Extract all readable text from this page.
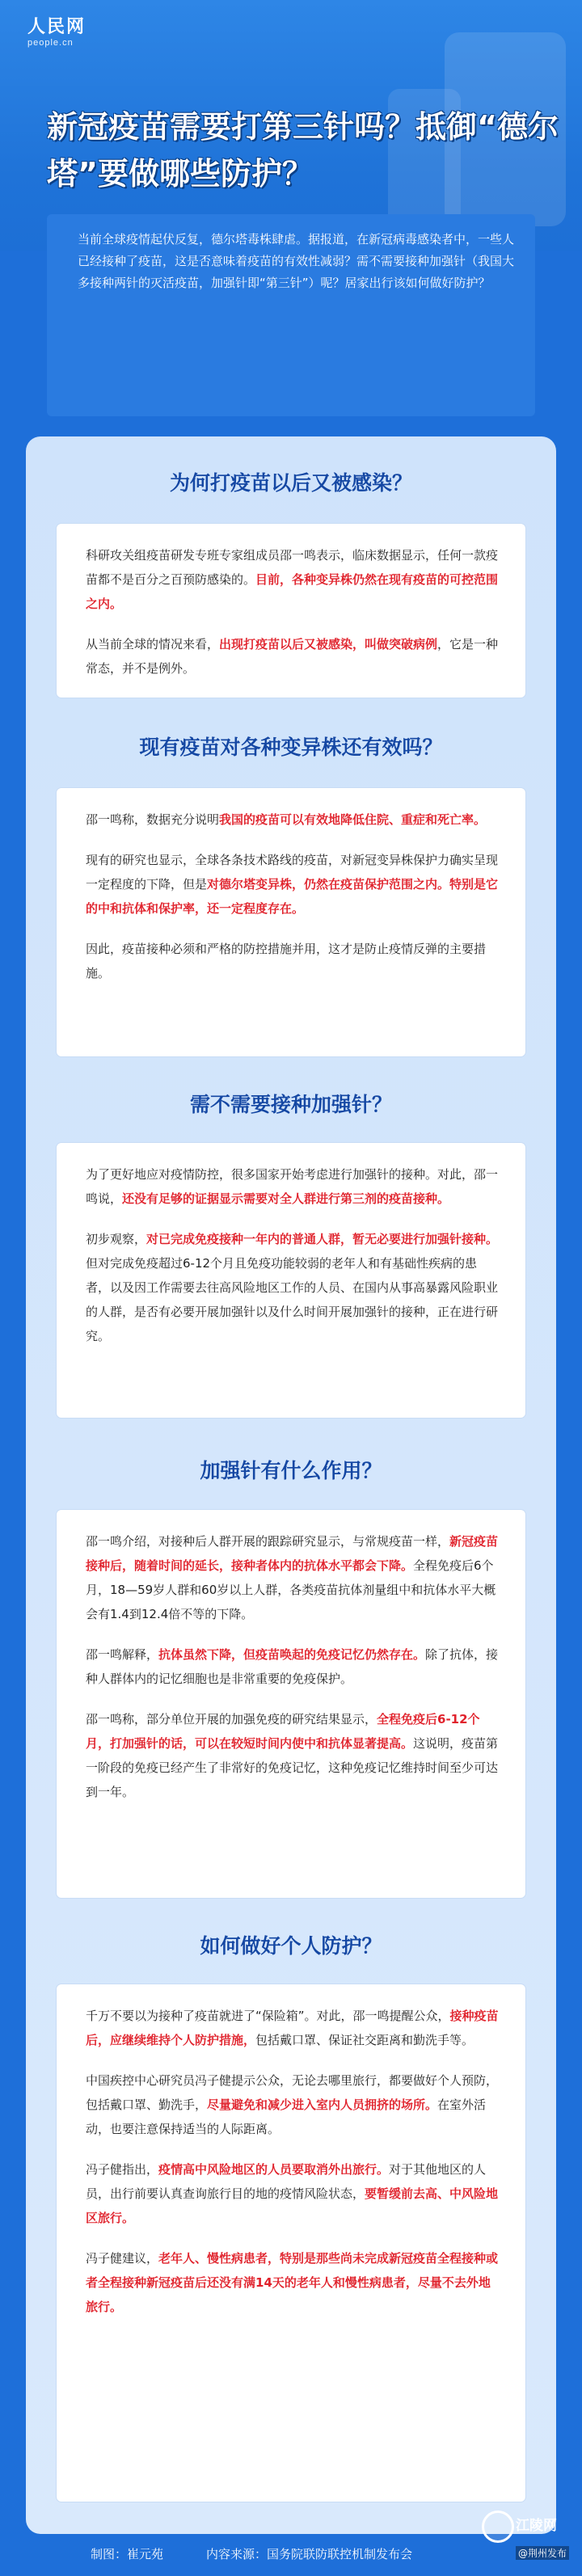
人民网
people.cn
新冠疫苗需要打第三针吗？抵御“德尔塔”要做哪些防护？
当前全球疫情起伏反复，德尔塔毒株肆虐。据报道，在新冠病毒感染者中，一些人已经接种了疫苗，这是否意味着疫苗的有效性减弱？需不需要接种加强针（我国大多接种两针的灭活疫苗，加强针即“第三针”）呢？居家出行该如何做好防护？
为何打疫苗以后又被感染？

科研攻关组疫苗研发专班专家组成员邵一鸣表示，临床数据显示，任何一款疫苗都不是百分之百预防感染的。目前，各种变异株仍然在现有疫苗的可控范围之内。

从当前全球的情况来看，出现打疫苗以后又被感染，叫做突破病例，它是一种常态，并不是例外。

现有疫苗对各种变异株还有效吗？

邵一鸣称，数据充分说明我国的疫苗可以有效地降低住院、重症和死亡率。

现有的研究也显示，全球各条技术路线的疫苗，对新冠变异株保护力确实呈现一定程度的下降，但是对德尔塔变异株，仍然在疫苗保护范围之内。特别是它的中和抗体和保护率，还一定程度存在。

因此，疫苗接种必须和严格的防控措施并用，这才是防止疫情反弹的主要措施。

需不需要接种加强针？

为了更好地应对疫情防控，很多国家开始考虑进行加强针的接种。对此，邵一鸣说，还没有足够的证据显示需要对全人群进行第三剂的疫苗接种。

初步观察，对已完成免疫接种一年内的普通人群，暂无必要进行加强针接种。但对完成免疫超过6-12个月且免疫功能较弱的老年人和有基础性疾病的患者，以及因工作需要去往高风险地区工作的人员、在国内从事高暴露风险职业的人群，是否有必要开展加强针以及什么时间开展加强针的接种，正在进行研究。

加强针有什么作用？

邵一鸣介绍，对接种后人群开展的跟踪研究显示，与常规疫苗一样，新冠疫苗接种后，随着时间的延长，接种者体内的抗体水平都会下降。全程免疫后6个月，18—59岁人群和60岁以上人群，各类疫苗抗体剂量组中和抗体水平大概会有1.4到12.4倍不等的下降。

邵一鸣解释，抗体虽然下降，但疫苗唤起的免疫记忆仍然存在。除了抗体，接种人群体内的记忆细胞也是非常重要的免疫保护。

邵一鸣称，部分单位开展的加强免疫的研究结果显示，全程免疫后6-12个月，打加强针的话，可以在较短时间内使中和抗体显著提高。这说明，疫苗第一阶段的免疫已经产生了非常好的免疫记忆，这种免疫记忆维持时间至少可达到一年。

如何做好个人防护？

千万不要以为接种了疫苗就进了“保险箱”。对此，邵一鸣提醒公众，接种疫苗后，应继续维持个人防护措施，包括戴口罩、保证社交距离和勤洗手等。

中国疾控中心研究员冯子健提示公众，无论去哪里旅行，都要做好个人预防，包括戴口罩、勤洗手，尽量避免和减少进入室内人员拥挤的场所。在室外活动，也要注意保持适当的人际距离。

冯子健指出，疫情高中风险地区的人员要取消外出旅行。对于其他地区的人员，出行前要认真查询旅行目的地的疫情风险状态，要暂缓前去高、中风险地区旅行。

冯子健建议，老年人、慢性病患者，特别是那些尚未完成新冠疫苗全程接种或者全程接种新冠疫苗后还没有满14天的老年人和慢性病患者，尽量不去外地旅行。

制图：崔元苑	内容来源：国务院联防联控机制发布会
江陵网
@荆州发布
